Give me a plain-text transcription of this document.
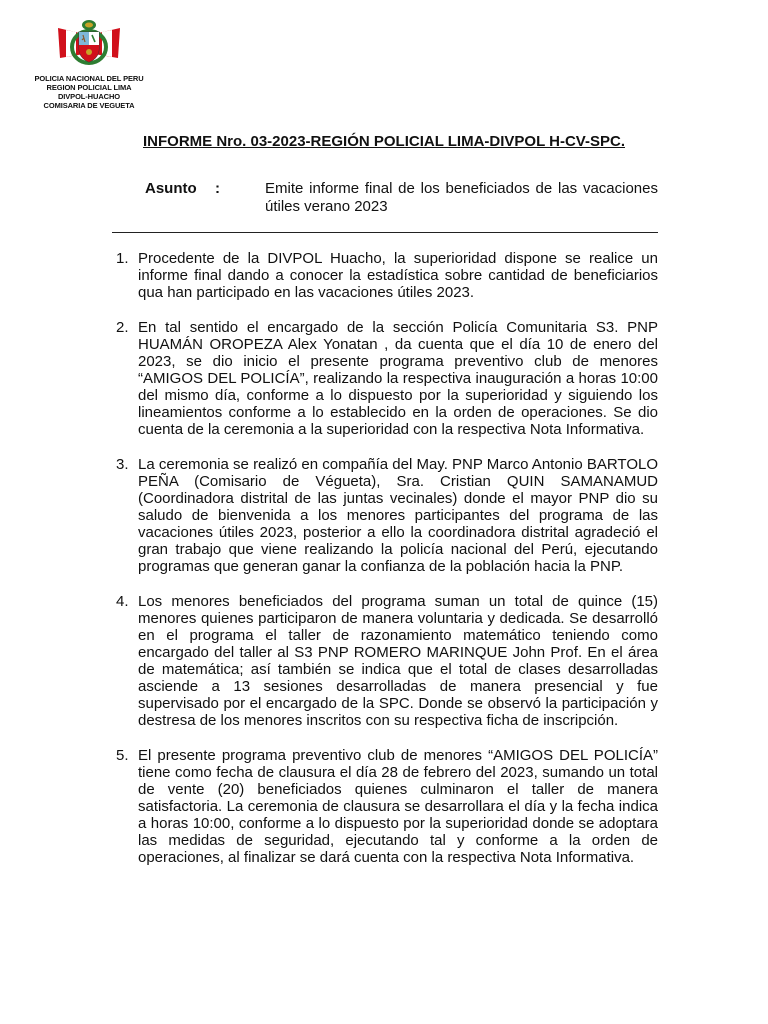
POLICIA NACIONAL DEL PERU
REGION POLICIAL LIMA
DIVPOL-HUACHO
COMISARIA DE VEGUETA
INFORME Nro. 03-2023-REGIÓN POLICIAL LIMA-DIVPOL H-CV-SPC.
Asunto :	Emite informe final de los beneficiados de las vacaciones útiles verano 2023
1. Procedente de la DIVPOL Huacho, la superioridad dispone se realice un informe final dando a conocer la estadística sobre cantidad de beneficiarios qua han participado en las vacaciones útiles 2023.
2. En tal sentido el encargado de la sección Policía Comunitaria S3. PNP HUAMÁN OROPEZA Alex Yonatan , da cuenta que el día 10 de enero del 2023, se dio inicio el presente programa preventivo club de menores “AMIGOS DEL POLICÍA”, realizando la respectiva inauguración a horas 10:00 del mismo día, conforme a lo dispuesto por la superioridad y siguiendo los lineamientos conforme a lo establecido en la orden de operaciones. Se dio cuenta de la ceremonia a la superioridad con la respectiva Nota Informativa.
3. La ceremonia se realizó en compañía del May. PNP Marco Antonio BARTOLO PEÑA (Comisario de Végueta), Sra. Cristian QUIN SAMANAMUD (Coordinadora distrital de las juntas vecinales) donde el mayor PNP dio su saludo de bienvenida a los menores participantes del programa de las vacaciones útiles 2023, posterior a ello la coordinadora distrital agradeció el gran trabajo que viene realizando la policía nacional del Perú, ejecutando programas que generan ganar la confianza de la población hacia la PNP.
4. Los menores beneficiados del programa suman un total de quince (15) menores quienes participaron de manera voluntaria y dedicada. Se desarrolló en el programa el taller de razonamiento matemático teniendo como encargado del taller al S3 PNP ROMERO MARINQUE John Prof. En el área de matemática; así también se indica que el total de clases desarrolladas asciende a 13 sesiones desarrolladas de manera presencial y fue supervisado por el encargado de la SPC. Donde se observó la participación y destresa de los menores inscritos con su respectiva ficha de inscripción.
5. El presente programa preventivo club de menores “AMIGOS DEL POLICÍA” tiene como fecha de clausura el día 28 de febrero del 2023, sumando un total de vente (20) beneficiados quienes culminaron el taller de manera satisfactoria. La ceremonia de clausura se desarrollara el día y la fecha indica a horas 10:00, conforme a lo dispuesto por la superioridad donde se adoptara las medidas de seguridad, ejecutando tal y conforme a la orden de operaciones, al finalizar se dará cuenta con la respectiva Nota Informativa.
